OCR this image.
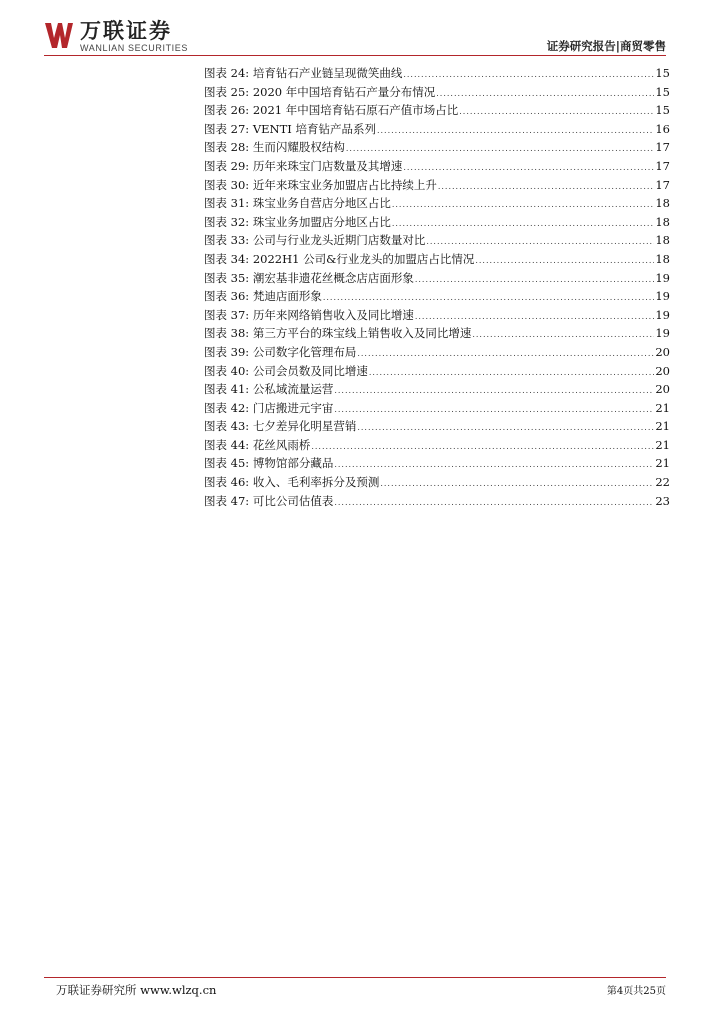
万联证券
WANLIAN SECURITIES	证券研究报告|商贸零售
图表 24: 培育钻石产业链呈现微笑曲线 .....	15
图表 25: 2020 年中国培育钻石产量分布情况 .....	15
图表 26: 2021 年中国培育钻石原石产值市场占比 .....	15
图表 27: VENTI 培育钻产品系列 .....	16
图表 28: 生而闪耀股权结构 .....	17
图表 29: 历年来珠宝门店数量及其增速 .....	17
图表 30: 近年来珠宝业务加盟店占比持续上升 .....	17
图表 31: 珠宝业务自营店分地区占比 .....	18
图表 32: 珠宝业务加盟店分地区占比 .....	18
图表 33: 公司与行业龙头近期门店数量对比 .....	18
图表 34: 2022H1 公司&行业龙头的加盟店占比情况 .....	18
图表 35: 潮宏基非遗花丝概念店店面形象 .....	19
图表 36: 梵迪店面形象 .....	19
图表 37: 历年来网络销售收入及同比增速 .....	19
图表 38: 第三方平台的珠宝线上销售收入及同比增速 .....	19
图表 39: 公司数字化管理布局 .....	20
图表 40: 公司会员数及同比增速 .....	20
图表 41: 公私域流量运营 .....	20
图表 42: 门店搬进元宇宙 .....	21
图表 43: 七夕差异化明星营销 .....	21
图表 44: 花丝风雨桥 .....	21
图表 45: 博物馆部分藏品 .....	21
图表 46: 收入、毛利率拆分及预测 .....	22
图表 47: 可比公司估值表 .....	23
万联证券研究所 www.wlzq.cn	第4页共25页
